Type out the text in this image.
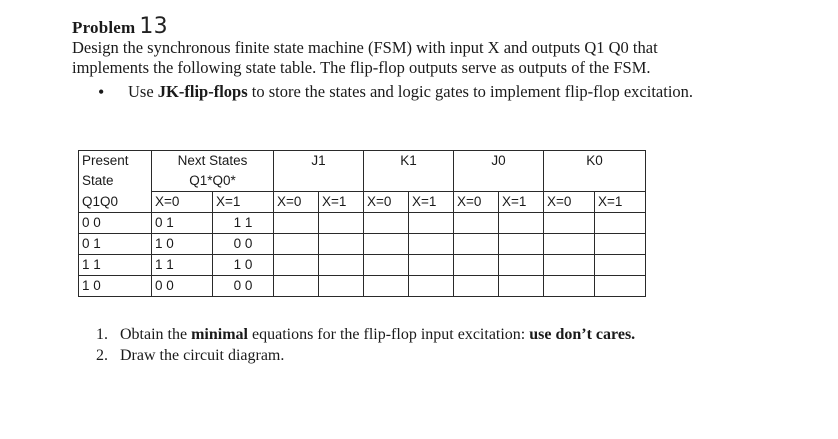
Problem 13
Design the synchronous finite state machine (FSM) with input X and outputs Q1 Q0 that
implements the following state table. The flip-flop outputs serve as outputs of the FSM.
• Use JK-flip-flops to store the states and logic gates to implement flip-flop excitation.
Present	Next States		J1		K1		J0		K0	
State	Q1*Q0*									
Q1Q0	X=0	X=1	X=0	X=1	X=0	X=1	X=0	X=1	X=0	X=1
0 0	0 1	1 1								
0 1	1 0	0 0								
1 1	1 1	1 0								
1 0	0 0	0 0								
1. Obtain the minimal equations for the flip-flop input excitation: use don’t cares.
2. Draw the circuit diagram.
